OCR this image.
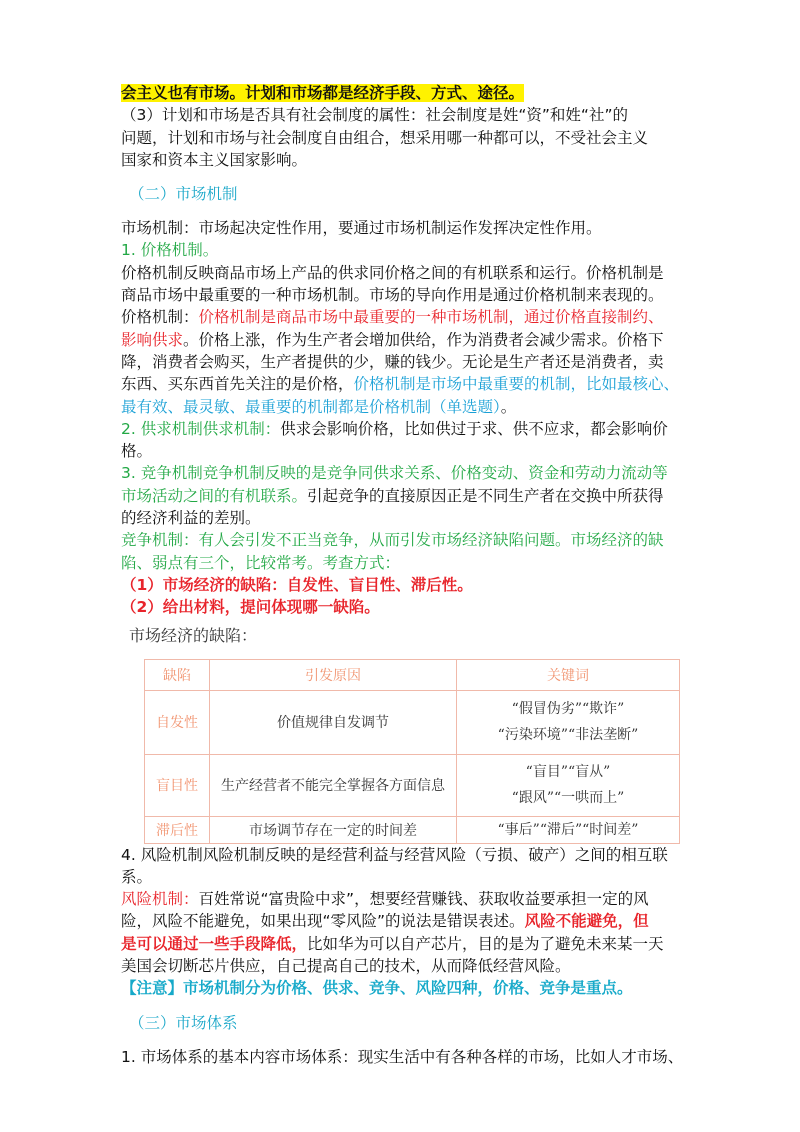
会主义也有市场。计划和市场都是经济手段、方式、途径。
（3）计划和市场是否具有社会制度的属性：社会制度是姓“资”和姓“社”的
问题，计划和市场与社会制度自由组合，想采用哪一种都可以，不受社会主义
国家和资本主义国家影响。
（二）市场机制
市场机制：市场起决定性作用，要通过市场机制运作发挥决定性作用。
1. 价格机制。
价格机制反映商品市场上产品的供求同价格之间的有机联系和运行。价格机制是
商品市场中最重要的一种市场机制。市场的导向作用是通过价格机制来表现的。
价格机制：价格机制是商品市场中最重要的一种市场机制，通过价格直接制约、
影响供求。价格上涨，作为生产者会增加供给，作为消费者会减少需求。价格下
降，消费者会购买，生产者提供的少，赚的钱少。无论是生产者还是消费者，卖
东西、买东西首先关注的是价格，价格机制是市场中最重要的机制，比如最核心、
最有效、最灵敏、最重要的机制都是价格机制（单选题）。
2. 供求机制供求机制：供求会影响价格，比如供过于求、供不应求，都会影响价
格。
3. 竞争机制竞争机制反映的是竞争同供求关系、价格变动、资金和劳动力流动等
市场活动之间的有机联系。引起竞争的直接原因正是不同生产者在交换中所获得
的经济利益的差别。
竞争机制：有人会引发不正当竞争，从而引发市场经济缺陷问题。市场经济的缺
陷、弱点有三个，比较常考。考查方式：
（1）市场经济的缺陷：自发性、盲目性、滞后性。
（2）给出材料，提问体现哪一缺陷。
市场经济的缺陷：
缺陷	引发原因	关键词
自发性	价值规律自发调节	“假冒伪劣”“欺诈”
“污染环境”“非法垄断”

盲目性	生产经营者不能完全掌握各方面信息	“盲目”“盲从”
“跟风”“一哄而上”

滞后性	市场调节存在一定的时间差	“事后”“滞后”“时间差”
4. 风险机制风险机制反映的是经营利益与经营风险（亏损、破产）之间的相互联
系。
风险机制：百姓常说“富贵险中求”，想要经营赚钱、获取收益要承担一定的风
险，风险不能避免，如果出现“零风险”的说法是错误表述。风险不能避免，但
是可以通过一些手段降低，比如华为可以自产芯片，目的是为了避免未来某一天
美国会切断芯片供应，自己提高自己的技术，从而降低经营风险。
【注意】市场机制分为价格、供求、竞争、风险四种，价格、竞争是重点。
（三）市场体系
1. 市场体系的基本内容市场体系：现实生活中有各种各样的市场，比如人才市场、
